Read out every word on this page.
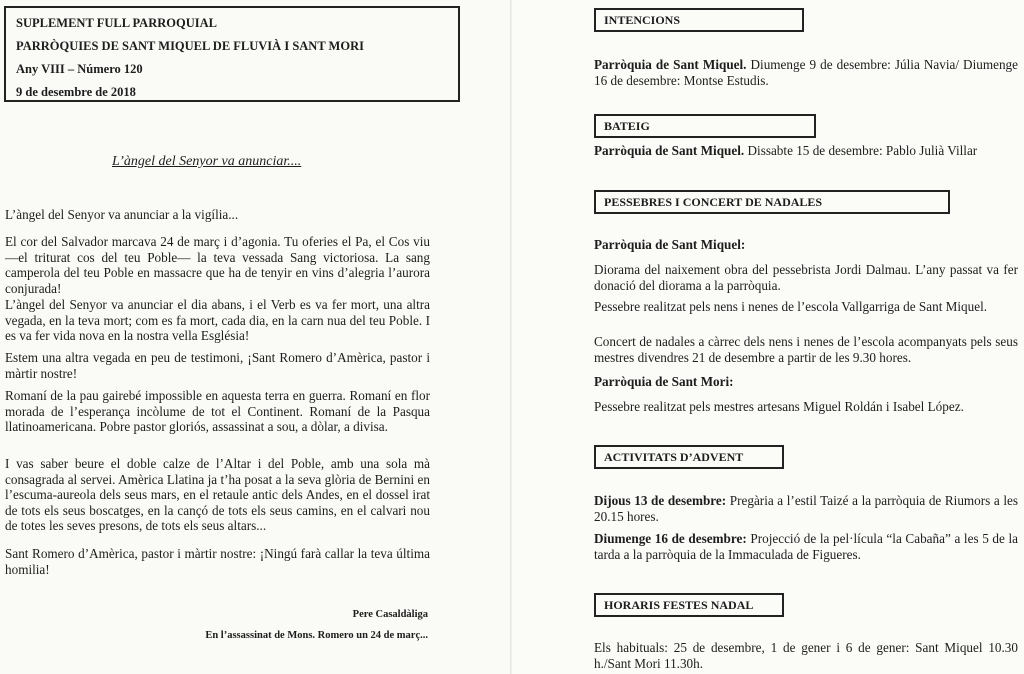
SUPLEMENT FULL PARROQUIAL
PARRÒQUIES DE SANT MIQUEL DE FLUVIÀ I SANT MORI
Any VIII – Número 120
9 de desembre de 2018
L’àngel del Senyor va anunciar....
L’àngel del Senyor va anunciar a la vigília...
El cor del Salvador marcava 24 de març i d’agonia. Tu oferies el Pa, el Cos viu —el triturat cos del teu Poble— la teva vessada Sang victoriosa. La sang camperola del teu Poble en massacre que ha de tenyir en vins d’alegria l’aurora conjurada!
L’àngel del Senyor va anunciar el dia abans, i el Verb es va fer mort, una altra vegada, en la teva mort; com es fa mort, cada dia, en la carn nua del teu Poble. I es va fer vida nova en la nostra vella Església!
Estem una altra vegada en peu de testimoni, ¡Sant Romero d’Amèrica, pastor i màrtir nostre!
Romaní de la pau gairebé impossible en aquesta terra en guerra. Romaní en flor morada de l’esperança incòlume de tot el Continent. Romaní de la Pasqua llatinoamericana. Pobre pastor gloriós, assassinat a sou, a dòlar, a divisa.
I vas saber beure el doble calze de l’Altar i del Poble, amb una sola mà consagrada al servei. Amèrica Llatina ja t’ha posat a la seva glòria de Bernini en l’escuma-aureola dels seus mars, en el retaule antic dels Andes, en el dossel irat de tots els seus boscatges, en la cançó de tots els seus camins, en el calvari nou de totes les seves presons, de tots els seus altars...
Sant Romero d’Amèrica, pastor i màrtir nostre: ¡Ningú farà callar la teva última homilia!
Pere Casaldàliga
En l’assassinat de Mons. Romero un 24 de març...
INTENCIONS
Parròquia de Sant Miquel. Diumenge 9 de desembre: Júlia Navia/ Diumenge 16 de desembre: Montse Estudis.
BATEIG
Parròquia de Sant Miquel. Dissabte 15 de desembre: Pablo Julià Villar
PESSEBRES I CONCERT DE NADALES
Parròquia de Sant Miquel:
Diorama del naixement obra del pessebrista Jordi Dalmau. L’any passat va fer donació del diorama a la parròquia.
Pessebre realitzat pels nens i nenes de l’escola Vallgarriga de Sant Miquel.
Concert de nadales a càrrec dels nens i nenes de l’escola acompanyats pels seus mestres divendres 21 de desembre a partir de les 9.30 hores.
Parròquia de Sant Mori:
Pessebre realitzat pels mestres artesans Miguel Roldán i Isabel López.
ACTIVITATS D’ADVENT
Dijous 13 de desembre: Pregària a l’estil Taizé a la parròquia de Riumors a les 20.15 hores.
Diumenge 16 de desembre: Projecció de la pel·lícula “la Cabaña” a les 5 de la tarda a la parròquia de la Immaculada de Figueres.
HORARIS FESTES NADAL
Els habituals: 25 de desembre, 1 de gener i 6 de gener: Sant Miquel 10.30 h./Sant Mori 11.30h.
